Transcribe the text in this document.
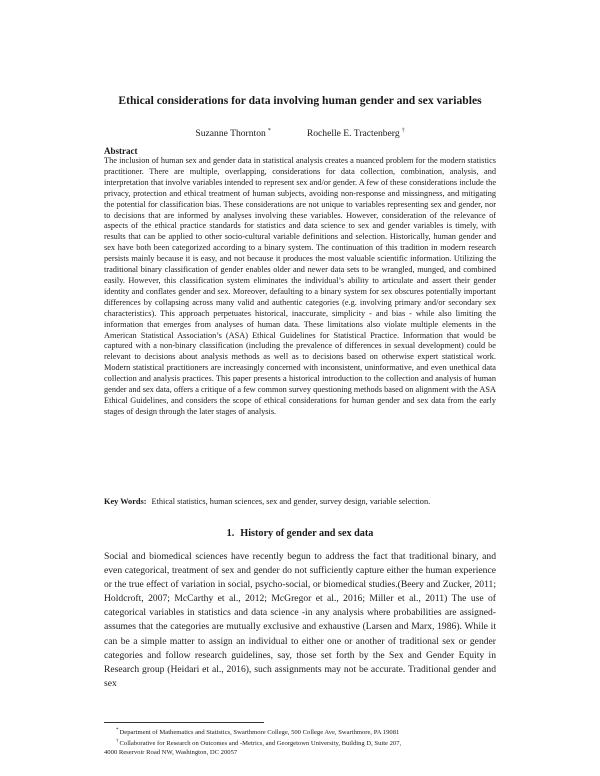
Ethical considerations for data involving human gender and sex variables
Suzanne Thornton *	Rochelle E. Tractenberg †
Abstract

The inclusion of human sex and gender data in statistical analysis creates a nuanced problem for the modern statistics practitioner. There are multiple, overlapping, considerations for data collection, combination, analysis, and interpretation that involve variables intended to represent sex and/or gender. A few of these considerations include the privacy, protection and ethical treatment of human subjects, avoiding non-response and missingness, and mitigating the potential for classification bias. These considerations are not unique to variables representing sex and gender, nor to decisions that are informed by analyses involving these variables. However, consideration of the relevance of aspects of the ethical practice standards for statistics and data science to sex and gender variables is timely, with results that can be applied to other socio-cultural variable definitions and selection. Historically, human gender and sex have both been categorized according to a binary system. The continuation of this tradition in modern research persists mainly because it is easy, and not because it produces the most valuable scientific information. Utilizing the traditional binary classification of gender enables older and newer data sets to be wrangled, munged, and combined easily. However, this classification system eliminates the individual’s ability to articulate and assert their gender identity and conflates gender and sex. Moreover, defaulting to a binary system for sex obscures potentially important differences by collapsing across many valid and authentic categories (e.g. involving primary and/or secondary sex characteristics). This approach perpetuates historical, inaccurate, simplicity - and bias - while also limiting the information that emerges from analyses of human data. These limitations also violate multiple elements in the American Statistical Association’s (ASA) Ethical Guidelines for Statistical Practice. Information that would be captured with a non-binary classification (including the prevalence of differences in sexual development) could be relevant to decisions about analysis methods as well as to decisions based on otherwise expert statistical work. Modern statistical practitioners are increasingly concerned with inconsistent, uninformative, and even unethical data collection and analysis practices. This paper presents a historical introduction to the collection and analysis of human gender and sex data, offers a critique of a few common survey questioning methods based on alignment with the ASA Ethical Guidelines, and considers the scope of ethical considerations for human gender and sex data from the early stages of design through the later stages of analysis.

Key Words: Ethical statistics, human sciences, sex and gender, survey design, variable selection.

1. History of gender and sex data

Social and biomedical sciences have recently begun to address the fact that traditional binary, and even categorical, treatment of sex and gender do not sufficiently capture either the human experience or the true effect of variation in social, psycho-social, or biomedical studies.(Beery and Zucker, 2011; Holdcroft, 2007; McCarthy et al., 2012; McGregor et al., 2016; Miller et al., 2011) The use of categorical variables in statistics and data science -in any analysis where probabilities are assigned- assumes that the categories are mutually exclusive and exhaustive (Larsen and Marx, 1986). While it can be a simple matter to assign an individual to either one or another of traditional sex or gender categories and follow research guidelines, say, those set forth by the Sex and Gender Equity in Research group (Heidari et al., 2016), such assignments may not be accurate. Traditional gender and sex

*Department of Mathematics and Statistics, Swarthmore College, 500 College Ave, Swarthmore, PA 19081

†Collaborative for Research on Outcomes and -Metrics, and Georgetown University, Building D, Suite 207,

4000 Reservoir Road NW, Washington, DC 20057
